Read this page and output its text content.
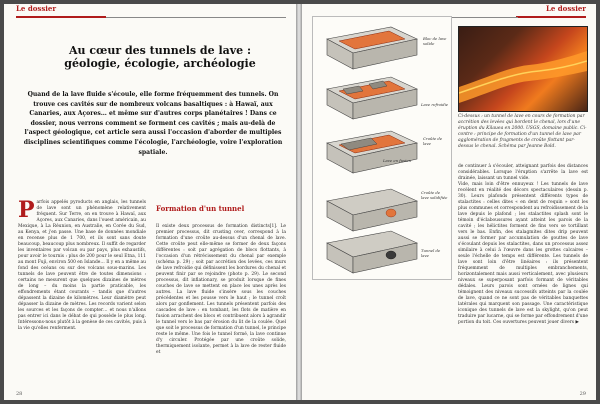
Le dossier
Au cœur des tunnels de lave : géologie, écologie, archéologie

Quand de la lave fluide s'écoule, elle forme fréquemment des tunnels. On trouve ces cavités sur de nombreux volcans basaltiques : à Hawaï, aux Canaries, aux Açores… et même sur d'autres corps planétaires ! Dans ce dossier, nous verrons comment se forment ces cavités ; mais au-delà de l'aspect géologique, cet article sera aussi l'occasion d'aborder de multiples disciplines scientifiques comme l'écologie, l'archéologie, voire l'exploration spatiale.

Parfois appelés pyroducts en anglais, les tunnels de lave sont un phénomène relativement fréquent. Sur Terre, on en trouve à Hawaï, aux Açores, aux Canaries, dans l'ouest américain, au Mexique, à La Réunion, en Australie, en Corée du Sud, au Kenya, et j'en passe. Une base de données mondiale en recense plus de 1 700, et ils sont sans doute beaucoup, beaucoup plus nombreux. Il suffit de regarder les inventaires par volcan ou par pays, plus exhaustifs, pour avoir le tournis : plus de 200 pour le seul Etna, 111 au mont Fuji, environ 500 en Islande… Il y en a même au fond des océans ou sur des volcans sous-marins. Les tunnels de lave peuvent être de toutes dimensions : certains ne mesurent que quelques dizaines de mètres de long – du moins la partie praticable, les effondrements étant courants – tandis que d'autres dépassent la dizaine de kilomètres. Leur diamètre peut dépasser la dizaine de mètres. Les records varient selon les sources et les façons de compter… et nous n'allons pas entrer ici dans le débat de qui possède le plus long. Intéressons-nous plutôt à la genèse de ces cavités, puis à la vie qu'elles renferment.
Formation d'un tunnel
Il existe deux processus de formation distincts[1]. Le premier processus, dit crusting over, correspond à la formation d'une croûte au-dessus d'un chenal de lave. Cette croûte peut elle-même se former de deux façons différentes : soit par agrégation de blocs flottants, à l'occasion d'un rétrécissement du chenal par exemple (schéma p. 29) ; soit par accrétion des levées, ces murs de lave refroidie qui définissent les bordures du chenal et peuvent finir par se rejoindre (photo p. 29). Le second processus, dit inflationary, se produit lorsque de fines couches de lave se mettent en place les unes après les autres. La lave fluide s'insère sous les couches précédentes et les pousse vers le haut ; le tunnel croît alors par gonflement. Les tunnels présentent parfois des cascades de lave : en tombant, les flots de matière en fusion arrachent des blocs et contribuent alors à agrandir le tunnel vers le bas par érosion du lit de la coulée. Quel que soit le processus de formation d'un tunnel, le principe reste le même. Une fois le tunnel formé, la lave continue d'y circuler. Protégée par une croûte solide, thermiquement isolante, permet à la lave de rester fluide et
28
Le dossier
Bloc de lave solide
Croûte de lave
Lave refroidie
Lave en fusion
Croûte de lave solidifiée
Tunnel de lave
Ci-dessus : un tunnel de lave en cours de formation par accrétion des levées qui bordent le chenal, lors d'une éruption du Kilauea en 2000. USGS, domaine public. Ci-contre : principe de formation d'un tunnel de lave par agglomération de fragments de croûte flottant par-dessus le chenal. Schéma par Jeanne Bold.
de continuer à s'écouler, atteignant parfois des distances considérables. Lorsque l'éruption s'arrête la lave est drainée, laissant un tunnel vide.
Vide, mais loin d'être ennuyeux ! Les tunnels de lave recèlent en réalité des décors spectaculaires (dessin p. 30). Leurs plafonds présentent différents types de stalactites : celles dites « en dent de requin » sont les plus communes et correspondent au refroidissement de la lave depuis le plafond ; les stalactites splash sont le témoin d'éclaboussures ayant atteint les parois de la cavité ; les hélictites forment de fins vers se tortillant vers le bas. Enfin, des stalagmites dites drip peuvent aussi se former par accumulation de gouttes de lave s'écoulant depuis les stalactites, dans un processus assez similaire à celui à l'œuvre dans les grottes calcaires – seule l'échelle de temps est différente. Les tunnels de lave sont loin d'être linéaires : ils présentent fréquemment de multiples embranchements, horizontalement mais aussi verticalement, avec plusieurs niveaux se superposant parfois formant de véritables dédales. Leurs parois sont ornées de lignes qui témoignent des niveaux successifs atteints par la coulée de lave, quand ce ne sont pas de véritables banquettes latérales qui marquent son passage. Une caractéristique iconique des tunnels de lave est la skylight, qu'on peut traduire par lucarne, qui se forme par effondrement d'une portion du toit. Ces ouvertures peuvent jouer divers ▶
29
